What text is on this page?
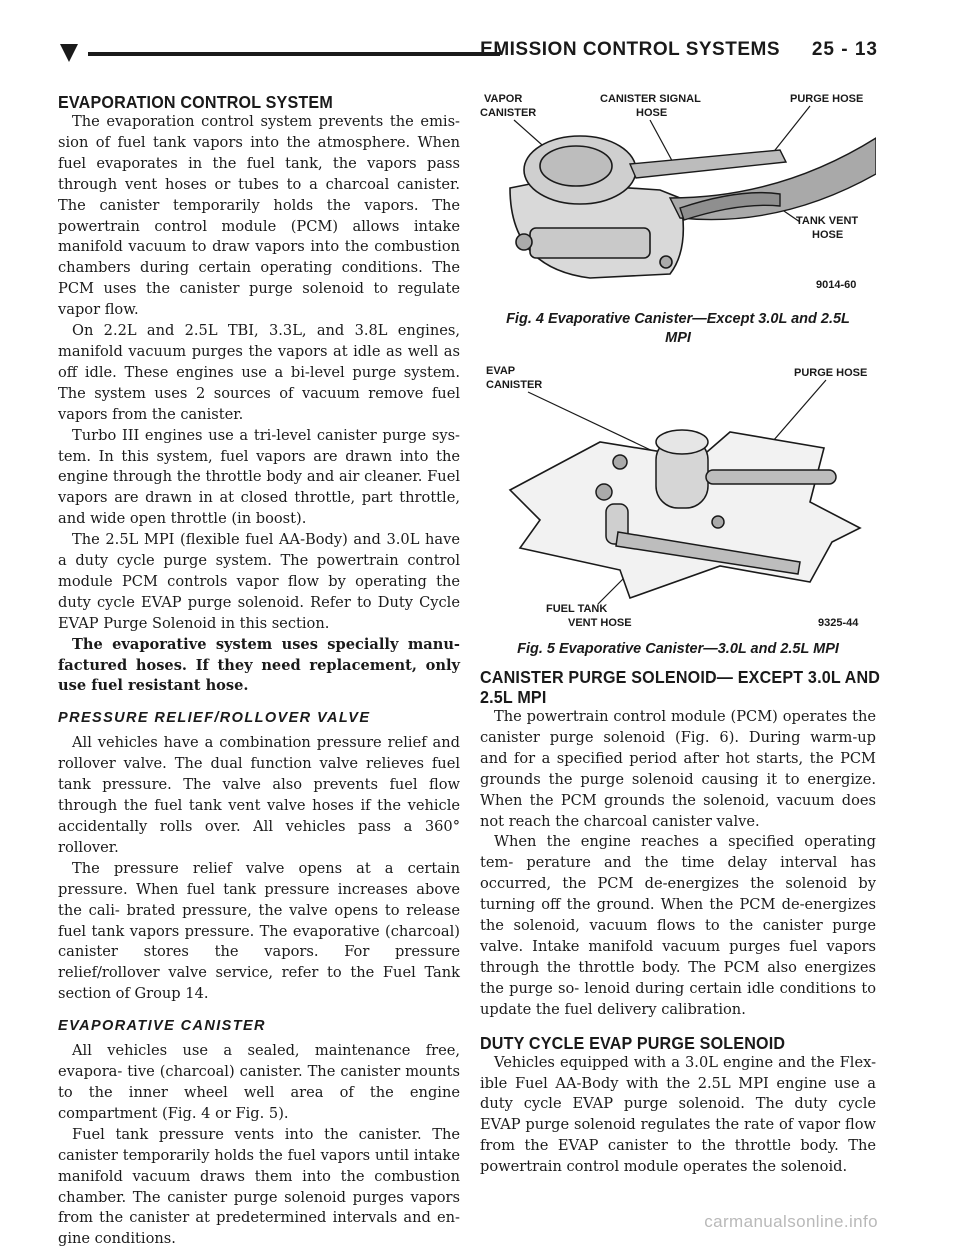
EMISSION CONTROL SYSTEMS 25 - 13
EVAPORATION CONTROL SYSTEM

The evaporation control system prevents the emis- sion of fuel tank vapors into the atmosphere. When fuel evaporates in the fuel tank, the vapors pass through vent hoses or tubes to a charcoal canister. The canister temporarily holds the vapors. The powertrain control module (PCM) allows intake manifold vacuum to draw vapors into the combustion chambers during certain operating conditions. The PCM uses the canister purge solenoid to regulate vapor flow.

On 2.2L and 2.5L TBI, 3.3L, and 3.8L engines, manifold vacuum purges the vapors at idle as well as off idle. These engines use a bi-level purge system. The system uses 2 sources of vacuum remove fuel vapors from the canister.

Turbo III engines use a tri-level canister purge sys- tem. In this system, fuel vapors are drawn into the engine through the throttle body and air cleaner. Fuel vapors are drawn in at closed throttle, part throttle, and wide open throttle (in boost).

The 2.5L MPI (flexible fuel AA-Body) and 3.0L have a duty cycle purge system. The powertrain control module PCM controls vapor flow by operating the duty cycle EVAP purge solenoid. Refer to Duty Cycle EVAP Purge Solenoid in this section.

The evaporative system uses specially manu- factured hoses. If they need replacement, only use fuel resistant hose.

PRESSURE RELIEF/ROLLOVER VALVE

All vehicles have a combination pressure relief and rollover valve. The dual function valve relieves fuel tank pressure. The valve also prevents fuel flow through the fuel tank vent valve hoses if the vehicle accidentally rolls over. All vehicles pass a 360° rollover.

The pressure relief valve opens at a certain pressure. When fuel tank pressure increases above the cali- brated pressure, the valve opens to release fuel tank vapors pressure. The evaporative (charcoal) canister stores the vapors. For pressure relief/rollover valve service, refer to the Fuel Tank section of Group 14.

EVAPORATIVE CANISTER

All vehicles use a sealed, maintenance free, evapora- tive (charcoal) canister. The canister mounts to the inner wheel well area of the engine compartment (Fig. 4 or Fig. 5).

Fuel tank pressure vents into the canister. The canister temporarily holds the fuel vapors until intake manifold vacuum draws them into the combustion chamber. The canister purge solenoid purges vapors from the canister at predetermined intervals and en- gine conditions.

VAPOR
CANISTER
CANISTER SIGNAL
HOSE
PURGE HOSE
TANK VENT
HOSE
9014-60
Fig. 4 Evaporative Canister—Except 3.0L and 2.5L
MPI
EVAP
CANISTER
PURGE HOSE
FUEL TANK
VENT HOSE	9325-44
Fig. 5 Evaporative Canister—3.0L and 2.5L MPI
CANISTER PURGE SOLENOID— EXCEPT 3.0L AND
2.5L MPI

The powertrain control module (PCM) operates the canister purge solenoid (Fig. 6). During warm-up and for a specified period after hot starts, the PCM grounds the purge solenoid causing it to energize. When the PCM grounds the solenoid, vacuum does not reach the charcoal canister valve.

When the engine reaches a specified operating tem- perature and the time delay interval has occurred, the PCM de-energizes the solenoid by turning off the ground. When the PCM de-energizes the solenoid, vacuum flows to the canister purge valve. Intake manifold vacuum purges fuel vapors through the throttle body. The PCM also energizes the purge so- lenoid during certain idle conditions to update the fuel delivery calibration.

DUTY CYCLE EVAP PURGE SOLENOID

Vehicles equipped with a 3.0L engine and the Flex- ible Fuel AA-Body with the 2.5L MPI engine use a duty cycle EVAP purge solenoid. The duty cycle EVAP purge solenoid regulates the rate of vapor flow from the EVAP canister to the throttle body. The powertrain control module operates the solenoid.

carmanualsonline.info
